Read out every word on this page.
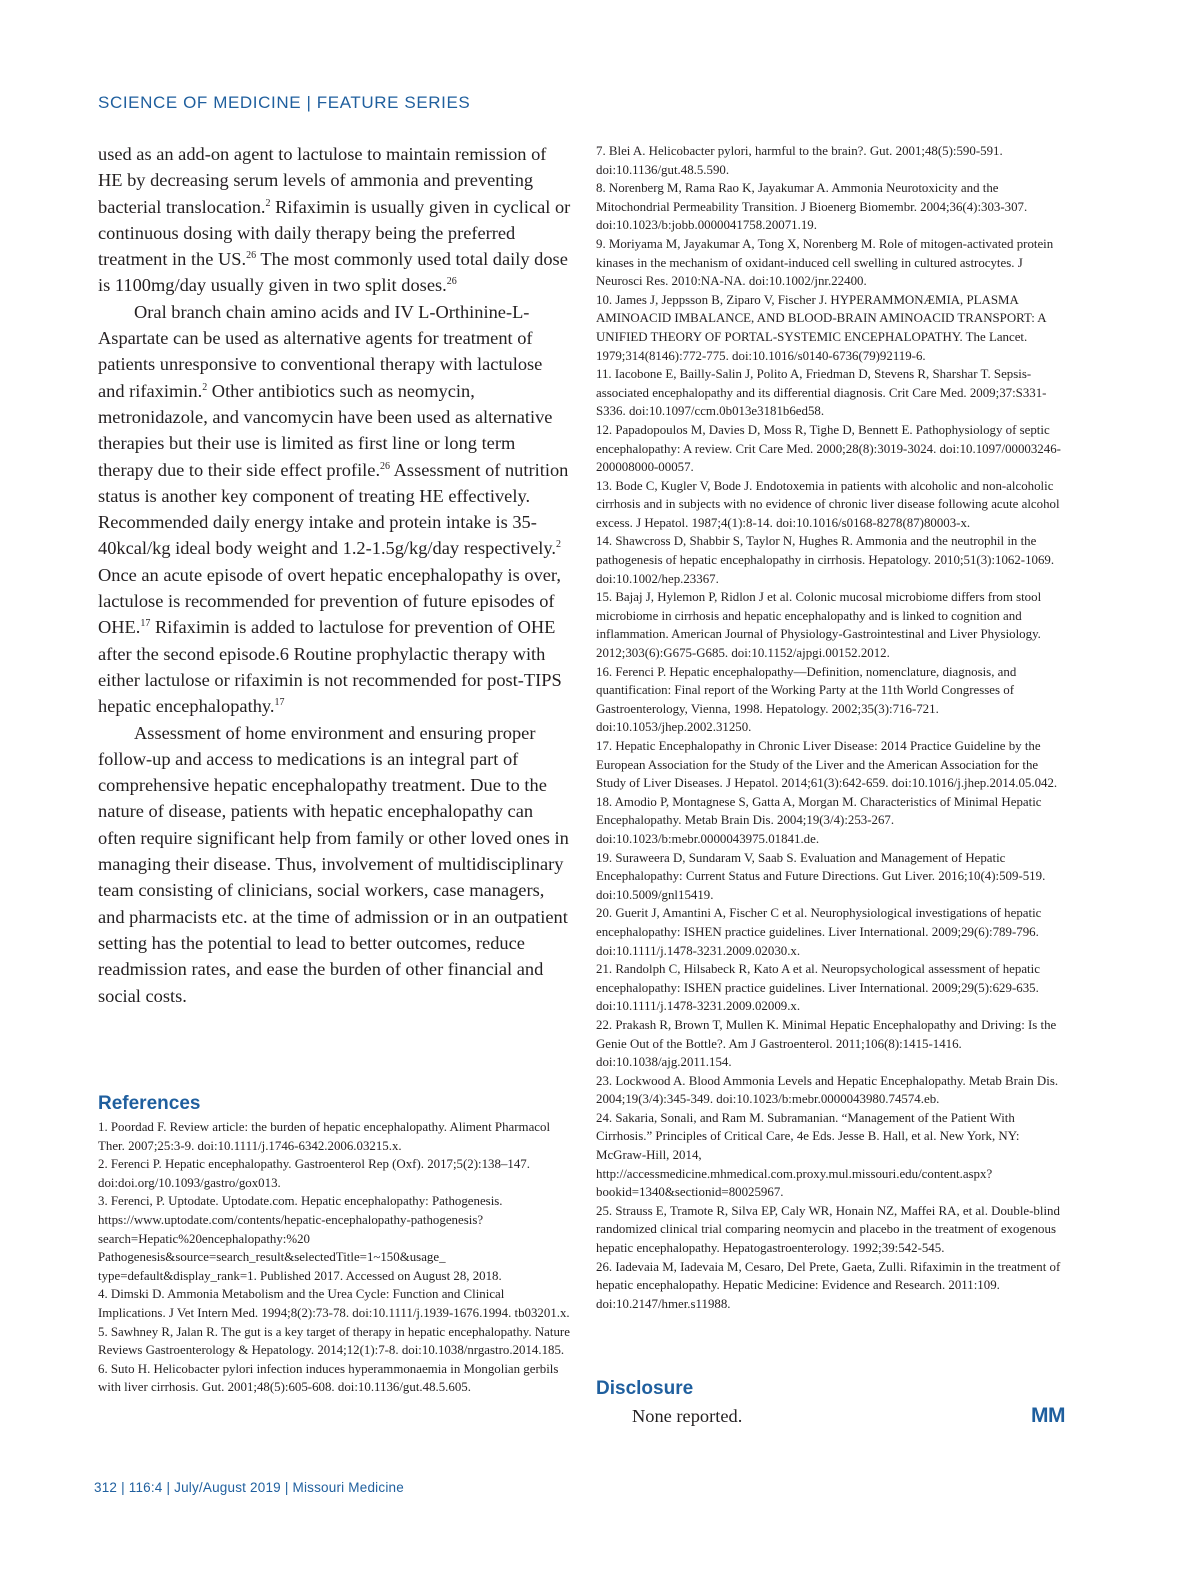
SCIENCE OF MEDICINE | FEATURE SERIES

used as an add-on agent to lactulose to maintain remission of HE by decreasing serum levels of ammonia and preventing bacterial translocation.$^2$ Rifaximin is usually given in cyclical or continuous dosing with daily therapy being the preferred treatment in the US.$^{26}$ The most commonly used total daily dose is 1100mg/day usually given in two split doses.$^{26}$

Oral branch chain amino acids and IV L-Orthinine-L-Aspartate can be used as alternative agents for treatment of patients unresponsive to conventional therapy with lactulose and rifaximin.$^2$ Other antibiotics such as neomycin, metronidazole, and vancomycin have been used as alternative therapies but their use is limited as first line or long term therapy due to their side effect profile.$^{26}$ Assessment of nutrition status is another key component of treating HE effectively. Recommended daily energy intake and protein intake is 35-40kcal/kg ideal body weight and 1.2-1.5g/kg/day respectively.$^2$ Once an acute episode of overt hepatic encephalopathy is over, lactulose is recommended for prevention of future episodes of OHE.$^{17}$ Rifaximin is added to lactulose for prevention of OHE after the second episode.6 Routine prophylactic therapy with either lactulose or rifaximin is not recommended for post-TIPS hepatic encephalopathy.$^{17}$

Assessment of home environment and ensuring proper follow-up and access to medications is an integral part of comprehensive hepatic encephalopathy treatment. Due to the nature of disease, patients with hepatic encephalopathy can often require significant help from family or other loved ones in managing their disease. Thus, involvement of multidisciplinary team consisting of clinicians, social workers, case managers, and pharmacists etc. at the time of admission or in an outpatient setting has the potential to lead to better outcomes, reduce readmission rates, and ease the burden of other financial and social costs.

References

1. Poordad F. Review article: the burden of hepatic encephalopathy. Aliment Pharmacol Ther. 2007;25:3-9. doi:10.1111/j.1746-6342.2006.03215.x.

2. Ferenci P. Hepatic encephalopathy. Gastroenterol Rep (Oxf). 2017;5(2):138–147. doi:doi.org/10.1093/gastro/gox013.

3. Ferenci, P. Uptodate. Uptodate.com. Hepatic encephalopathy: Pathogenesis. https://www.uptodate.com/contents/hepatic-encephalopathy-pathogenesis?search=Hepatic%20encephalopathy:%20 Pathogenesis&source=search_result&selectedTitle=1~150&usage_ type=default&display_rank=1. Published 2017. Accessed on August 28, 2018.

4. Dimski D. Ammonia Metabolism and the Urea Cycle: Function and Clinical Implications. J Vet Intern Med. 1994;8(2):73-78. doi:10.1111/j.1939-1676.1994. tb03201.x.

5. Sawhney R, Jalan R. The gut is a key target of therapy in hepatic encephalopathy. Nature Reviews Gastroenterology & Hepatology. 2014;12(1):7-8. doi:10.1038/nrgastro.2014.185.

6. Suto H. Helicobacter pylori infection induces hyperammonaemia in Mongolian gerbils with liver cirrhosis. Gut. 2001;48(5):605-608. doi:10.1136/gut.48.5.605.

7. Blei A. Helicobacter pylori, harmful to the brain?. Gut. 2001;48(5):590-591. doi:10.1136/gut.48.5.590.

8. Norenberg M, Rama Rao K, Jayakumar A. Ammonia Neurotoxicity and the Mitochondrial Permeability Transition. J Bioenerg Biomembr. 2004;36(4):303-307. doi:10.1023/b:jobb.0000041758.20071.19.

9. Moriyama M, Jayakumar A, Tong X, Norenberg M. Role of mitogen-activated protein kinases in the mechanism of oxidant-induced cell swelling in cultured astrocytes. J Neurosci Res. 2010:NA-NA. doi:10.1002/jnr.22400.

10. James J, Jeppsson B, Ziparo V, Fischer J. HYPERAMMONÆMIA, PLASMA AMINOACID IMBALANCE, AND BLOOD-BRAIN AMINOACID TRANSPORT: A UNIFIED THEORY OF PORTAL-SYSTEMIC ENCEPHALOPATHY. The Lancet. 1979;314(8146):772-775. doi:10.1016/s0140-6736(79)92119-6.

11. Iacobone E, Bailly-Salin J, Polito A, Friedman D, Stevens R, Sharshar T. Sepsis-associated encephalopathy and its differential diagnosis. Crit Care Med. 2009;37:S331-S336. doi:10.1097/ccm.0b013e3181b6ed58.

12. Papadopoulos M, Davies D, Moss R, Tighe D, Bennett E. Pathophysiology of septic encephalopathy: A review. Crit Care Med. 2000;28(8):3019-3024. doi:10.1097/00003246-200008000-00057.

13. Bode C, Kugler V, Bode J. Endotoxemia in patients with alcoholic and non-alcoholic cirrhosis and in subjects with no evidence of chronic liver disease following acute alcohol excess. J Hepatol. 1987;4(1):8-14. doi:10.1016/s0168-8278(87)80003-x.

14. Shawcross D, Shabbir S, Taylor N, Hughes R. Ammonia and the neutrophil in the pathogenesis of hepatic encephalopathy in cirrhosis. Hepatology. 2010;51(3):1062-1069. doi:10.1002/hep.23367.

15. Bajaj J, Hylemon P, Ridlon J et al. Colonic mucosal microbiome differs from stool microbiome in cirrhosis and hepatic encephalopathy and is linked to cognition and inflammation. American Journal of Physiology-Gastrointestinal and Liver Physiology. 2012;303(6):G675-G685. doi:10.1152/ajpgi.00152.2012.

16. Ferenci P. Hepatic encephalopathy—Definition, nomenclature, diagnosis, and quantification: Final report of the Working Party at the 11th World Congresses of Gastroenterology, Vienna, 1998. Hepatology. 2002;35(3):716-721. doi:10.1053/jhep.2002.31250.

17. Hepatic Encephalopathy in Chronic Liver Disease: 2014 Practice Guideline by the European Association for the Study of the Liver and the American Association for the Study of Liver Diseases. J Hepatol. 2014;61(3):642-659. doi:10.1016/j.jhep.2014.05.042.

18. Amodio P, Montagnese S, Gatta A, Morgan M. Characteristics of Minimal Hepatic Encephalopathy. Metab Brain Dis. 2004;19(3/4):253-267. doi:10.1023/b:mebr.0000043975.01841.de.

19. Suraweera D, Sundaram V, Saab S. Evaluation and Management of Hepatic Encephalopathy: Current Status and Future Directions. Gut Liver. 2016;10(4):509-519. doi:10.5009/gnl15419.

20. Guerit J, Amantini A, Fischer C et al. Neurophysiological investigations of hepatic encephalopathy: ISHEN practice guidelines. Liver International. 2009;29(6):789-796. doi:10.1111/j.1478-3231.2009.02030.x.

21. Randolph C, Hilsabeck R, Kato A et al. Neuropsychological assessment of hepatic encephalopathy: ISHEN practice guidelines. Liver International. 2009;29(5):629-635. doi:10.1111/j.1478-3231.2009.02009.x.

22. Prakash R, Brown T, Mullen K. Minimal Hepatic Encephalopathy and Driving: Is the Genie Out of the Bottle?. Am J Gastroenterol. 2011;106(8):1415-1416. doi:10.1038/ajg.2011.154.

23. Lockwood A. Blood Ammonia Levels and Hepatic Encephalopathy. Metab Brain Dis. 2004;19(3/4):345-349. doi:10.1023/b:mebr.0000043980.74574.eb.

24. Sakaria, Sonali, and Ram M. Subramanian. “Management of the Patient With Cirrhosis.” Principles of Critical Care, 4e Eds. Jesse B. Hall, et al. New York, NY: McGraw-Hill, 2014, http://accessmedicine.mhmedical.com.proxy.mul.missouri.edu/content.aspx?bookid=1340&sectionid=80025967.

25. Strauss E, Tramote R, Silva EP, Caly WR, Honain NZ, Maffei RA, et al. Double-blind randomized clinical trial comparing neomycin and placebo in the treatment of exogenous hepatic encephalopathy. Hepatogastroenterology. 1992;39:542-545.

26. Iadevaia M, Iadevaia M, Cesaro, Del Prete, Gaeta, Zulli. Rifaximin in the treatment of hepatic encephalopathy. Hepatic Medicine: Evidence and Research. 2011:109. doi:10.2147/hmer.s11988.

Disclosure

None reported.	MM
312 | 116:4 | July/August 2019 | Missouri Medicine
